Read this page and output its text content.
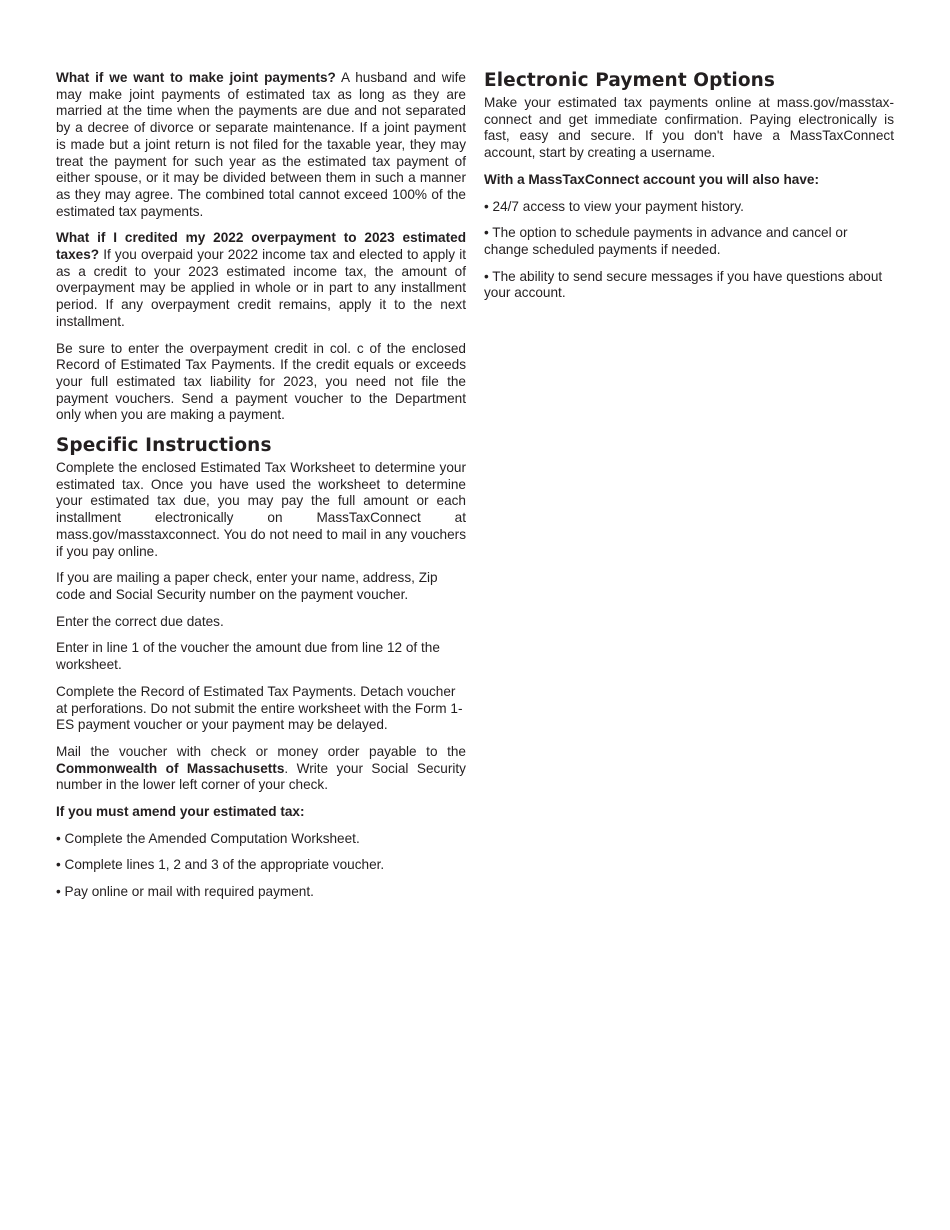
What if we want to make joint payments? A husband and wife may make joint payments of estimated tax as long as they are married at the time when the payments are due and not separated by a decree of divorce or separate maintenance. If a joint payment is made but a joint return is not filed for the taxable year, they may treat the payment for such year as the estimated tax payment of either spouse, or it may be divided between them in such a manner as they may agree. The combined total cannot exceed 100% of the estimated tax payments.

What if I credited my 2022 overpayment to 2023 estimated taxes? If you overpaid your 2022 income tax and elected to apply it as a credit to your 2023 estimated income tax, the amount of overpayment may be applied in whole or in part to any installment period. If any overpayment credit remains, apply it to the next installment.

Be sure to enter the overpayment credit in col. c of the enclosed Record of Estimated Tax Payments. If the credit equals or exceeds your full estimated tax liability for 2023, you need not file the payment vouchers. Send a payment voucher to the Department only when you are making a payment.

Specific Instructions

Complete the enclosed Estimated Tax Worksheet to determine your estimated tax. Once you have used the worksheet to determine your estimated tax due, you may pay the full amount or each installment electronically on MassTaxConnect at mass.gov/masstaxconnect. You do not need to mail in any vouchers if you pay online.

If you are mailing a paper check, enter your name, address, Zip code and Social Security number on the payment voucher.

Enter the correct due dates.

Enter in line 1 of the voucher the amount due from line 12 of the worksheet.

Complete the Record of Estimated Tax Payments. Detach voucher at perforations. Do not submit the entire worksheet with the Form 1-ES payment voucher or your payment may be delayed.

Mail the voucher with check or money order payable to the Commonwealth of Massachusetts. Write your Social Security number in the lower left corner of your check.

If you must amend your estimated tax:

• Complete the Amended Computation Worksheet.

• Complete lines 1, 2 and 3 of the appropriate voucher.

• Pay online or mail with required payment.

Electronic Payment Options

Make your estimated tax payments online at mass.gov/masstax-connect and get immediate confirmation. Paying electronically is fast, easy and secure. If you don't have a MassTaxConnect account, start by creating a username.

With a MassTaxConnect account you will also have:

• 24/7 access to view your payment history.

• The option to schedule payments in advance and cancel or change scheduled payments if needed.

• The ability to send secure messages if you have questions about your account.
